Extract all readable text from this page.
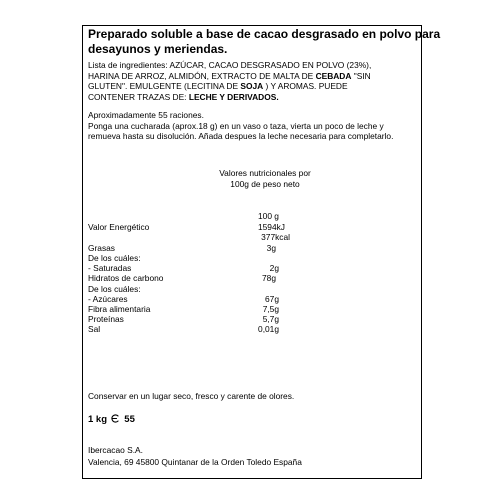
Preparado soluble a base de cacao desgrasado en polvo para
desayunos y meriendas.
Lista de ingredientes: AZÚCAR, CACAO DESGRASADO EN POLVO (23%),
HARINA DE ARROZ, ALMIDÓN, EXTRACTO DE MALTA DE CEBADA "SIN
GLUTEN". EMULGENTE (LECITINA DE SOJA ) Y AROMAS. PUEDE
CONTENER TRAZAS DE: LECHE Y DERIVADOS.
Aproximadamente 55 raciones.
Ponga una cucharada (aprox.18 g) en un vaso o taza, vierta un poco de leche y
remueva hasta su disolución. Añada despues la leche necesaria para completarlo.
Valores nutricionales por
100g de peso neto
100 g
Valor Energético	1594kJ
377kcal
Grasas	3g
De los cuáles:
- Saturadas	2g
Hidratos de carbono	78g
De los cuáles:
- Azúcares	67g
Fibra alimentaria	7,5g
Proteínas	5,7g
Sal	0,01g
Conservar en un lugar seco, fresco y carente de olores.
1 kg 55
Ibercacao S.A.
Valencia, 69 45800 Quintanar de la Orden Toledo España
